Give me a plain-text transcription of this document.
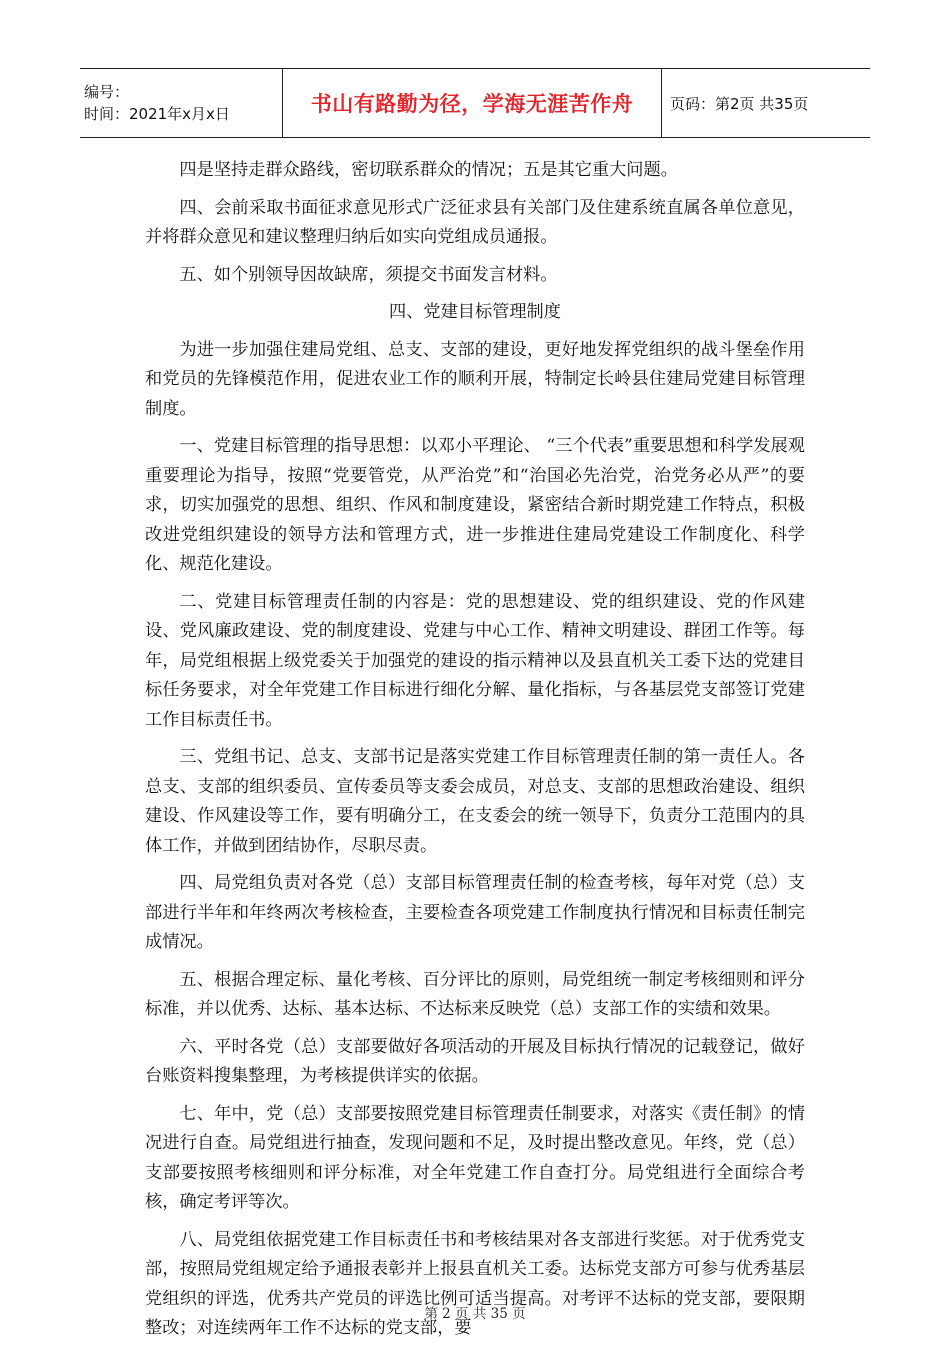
编号：
时间：2021年x月x日	书山有路勤为径，学海无涯苦作舟	页码：第2页 共35页

四是坚持走群众路线，密切联系群众的情况；五是其它重大问题。

四、会前采取书面征求意见形式广泛征求县有关部门及住建系统直属各单位意见，并将群众意见和建议整理归纳后如实向党组成员通报。

五、如个别领导因故缺席，须提交书面发言材料。

四、党建目标管理制度

为进一步加强住建局党组、总支、支部的建设，更好地发挥党组织的战斗堡垒作用和党员的先锋模范作用，促进农业工作的顺利开展，特制定长岭县住建局党建目标管理制度。

一、党建目标管理的指导思想：以邓小平理论、 “三个代表”重要思想和科学发展观重要理论为指导，按照“党要管党，从严治党”和“治国必先治党，治党务必从严”的要求，切实加强党的思想、组织、作风和制度建设，紧密结合新时期党建工作特点，积极改进党组织建设的领导方法和管理方式，进一步推进住建局党建设工作制度化、科学化、规范化建设。

二、党建目标管理责任制的内容是：党的思想建设、党的组织建设、党的作风建设、党风廉政建设、党的制度建设、党建与中心工作、精神文明建设、群团工作等。每年，局党组根据上级党委关于加强党的建设的指示精神以及县直机关工委下达的党建目标任务要求，对全年党建工作目标进行细化分解、量化指标，与各基层党支部签订党建工作目标责任书。

三、党组书记、总支、支部书记是落实党建工作目标管理责任制的第一责任人。各总支、支部的组织委员、宣传委员等支委会成员，对总支、支部的思想政治建设、组织建设、作风建设等工作，要有明确分工，在支委会的统一领导下，负责分工范围内的具体工作，并做到团结协作，尽职尽责。

四、局党组负责对各党（总）支部目标管理责任制的检查考核，每年对党（总）支部进行半年和年终两次考核检查，主要检查各项党建工作制度执行情况和目标责任制完成情况。

五、根据合理定标、量化考核、百分评比的原则，局党组统一制定考核细则和评分标准，并以优秀、达标、基本达标、不达标来反映党（总）支部工作的实绩和效果。

六、平时各党（总）支部要做好各项活动的开展及目标执行情况的记载登记，做好台账资料搜集整理，为考核提供详实的依据。

七、年中，党（总）支部要按照党建目标管理责任制要求，对落实《责任制》的情况进行自查。局党组进行抽查，发现问题和不足，及时提出整改意见。年终，党（总）支部要按照考核细则和评分标准，对全年党建工作自查打分。局党组进行全面综合考核，确定考评等次。

八、局党组依据党建工作目标责任书和考核结果对各支部进行奖惩。对于优秀党支部，按照局党组规定给予通报表彰并上报县直机关工委。达标党支部方可参与优秀基层党组织的评选，优秀共产党员的评选比例可适当提高。对考评不达标的党支部，要限期整改；对连续两年工作不达标的党支部，要

第 2 页 共 35 页
